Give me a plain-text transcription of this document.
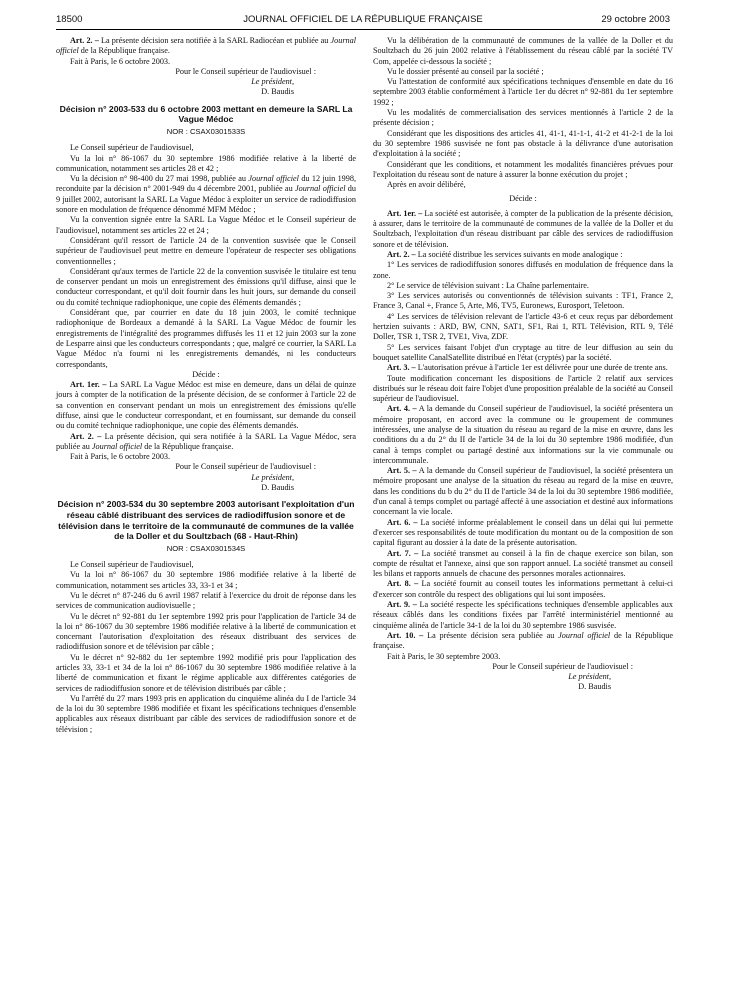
18500	JOURNAL OFFICIEL DE LA RÉPUBLIQUE FRANÇAISE	29 octobre 2003

Art. 2. – La présente décision sera notifiée à la SARL Radiocéan et publiée au Journal officiel de la République française.

Fait à Paris, le 6 octobre 2003.

Pour le Conseil supérieur de l'audiovisuel :

Le président,

D. Baudis

Décision n° 2003-533 du 6 octobre 2003 mettant en demeure la SARL La Vague Médoc

NOR : CSAX0301533S

Le Conseil supérieur de l'audiovisuel,

Vu la loi n° 86-1067 du 30 septembre 1986 modifiée relative à la liberté de communication, notamment ses articles 28 et 42 ;

Vu la décision n° 98-400 du 27 mai 1998, publiée au Journal officiel du 12 juin 1998, reconduite par la décision n° 2001-949 du 4 décembre 2001, publiée au Journal officiel du 9 juillet 2002, autorisant la SARL La Vague Médoc à exploiter un service de radiodiffusion sonore en modulation de fréquence dénommé MFM Médoc ;

Vu la convention signée entre la SARL La Vague Médoc et le Conseil supérieur de l'audiovisuel, notamment ses articles 22 et 24 ;

Considérant qu'il ressort de l'article 24 de la convention susvisée que le Conseil supérieur de l'audiovisuel peut mettre en demeure l'opérateur de respecter ses obligations conventionnelles ;

Considérant qu'aux termes de l'article 22 de la convention susvisée le titulaire est tenu de conserver pendant un mois un enregistrement des émissions qu'il diffuse, ainsi que le conducteur correspondant, et qu'il doit fournir dans les huit jours, sur demande du conseil ou du comité technique radiophonique, une copie des éléments demandés ;

Considérant que, par courrier en date du 18 juin 2003, le comité technique radiophonique de Bordeaux a demandé à la SARL La Vague Médoc de fournir les enregistrements de l'intégralité des programmes diffusés les 11 et 12 juin 2003 sur la zone de Lesparre ainsi que les conducteurs correspondants ; que, malgré ce courrier, la SARL La Vague Médoc n'a fourni ni les enregistrements demandés, ni les conducteurs correspondants,

Décide :

Art. 1er. – La SARL La Vague Médoc est mise en demeure, dans un délai de quinze jours à compter de la notification de la présente décision, de se conformer à l'article 22 de sa convention en conservant pendant un mois un enregistrement des émissions qu'elle diffuse, ainsi que le conducteur correspondant, et en fournissant, sur demande du conseil ou du comité technique radiophonique, une copie des éléments demandés.

Art. 2. – La présente décision, qui sera notifiée à la SARL La Vague Médoc, sera publiée au Journal officiel de la République française.

Fait à Paris, le 6 octobre 2003.

Pour le Conseil supérieur de l'audiovisuel :

Le président,

D. Baudis

Décision n° 2003-534 du 30 septembre 2003 autorisant l'exploitation d'un réseau câblé distribuant des services de radiodiffusion sonore et de télévision dans le territoire de la communauté de communes de la vallée de la Doller et du Soultzbach (68 - Haut-Rhin)

NOR : CSAX0301534S

Le Conseil supérieur de l'audiovisuel,

Vu la loi n° 86-1067 du 30 septembre 1986 modifiée relative à la liberté de communication, notamment ses articles 33, 33-1 et 34 ;

Vu le décret n° 87-246 du 6 avril 1987 relatif à l'exercice du droit de réponse dans les services de communication audiovisuelle ;

Vu le décret n° 92-881 du 1er septembre 1992 pris pour l'application de l'article 34 de la loi n° 86-1067 du 30 septembre 1986 modifiée relative à la liberté de communication et concernant l'autorisation d'exploitation des réseaux distribuant des services de radiodiffusion sonore et de télévision par câble ;

Vu le décret n° 92-882 du 1er septembre 1992 modifié pris pour l'application des articles 33, 33-1 et 34 de la loi n° 86-1067 du 30 septembre 1986 modifiée relative à la liberté de communication et fixant le régime applicable aux différentes catégories de services de radiodiffusion sonore et de télévision distribués par câble ;

Vu l'arrêté du 27 mars 1993 pris en application du cinquième alinéa du I de l'article 34 de la loi du 30 septembre 1986 modifiée et fixant les spécifications techniques d'ensemble applicables aux réseaux distribuant par câble des services de radiodiffusion sonore et de télévision ;

Vu la délibération de la communauté de communes de la vallée de la Doller et du Soultzbach du 26 juin 2002 relative à l'établissement du réseau câblé par la société TV Com, appelée ci-dessous la société ;

Vu le dossier présenté au conseil par la société ;

Vu l'attestation de conformité aux spécifications techniques d'ensemble en date du 16 septembre 2003 établie conformément à l'article 1er du décret n° 92-881 du 1er septembre 1992 ;

Vu les modalités de commercialisation des services mentionnés à l'article 2 de la présente décision ;

Considérant que les dispositions des articles 41, 41-1, 41-1-1, 41-2 et 41-2-1 de la loi du 30 septembre 1986 susvisée ne font pas obstacle à la délivrance d'une autorisation d'exploitation à la société ;

Considérant que les conditions, et notamment les modalités financières prévues pour l'exploitation du réseau sont de nature à assurer la bonne exécution du projet ;

Après en avoir délibéré,

Décide :

Art. 1er. – La société est autorisée, à compter de la publication de la présente décision, à assurer, dans le territoire de la communauté de communes de la vallée de la Doller et du Soultzbach, l'exploitation d'un réseau distribuant par câble des services de radiodiffusion sonore et de télévision.

Art. 2. – La société distribue les services suivants en mode analogique :

1° Les services de radiodiffusion sonores diffusés en modulation de fréquence dans la zone.

2° Le service de télévision suivant : La Chaîne parlementaire.

3° Les services autorisés ou conventionnés de télévision suivants : TF1, France 2, France 3, Canal +, France 5, Arte, M6, TV5, Euronews, Eurosport, Teletoon.

4° Les services de télévision relevant de l'article 43-6 et ceux reçus par débordement hertzien suivants : ARD, BW, CNN, SAT1, SF1, Rai 1, RTL Télévision, RTL 9, Télé Doller, TSR 1, TSR 2, TVE1, Viva, ZDF.

5° Les services faisant l'objet d'un cryptage au titre de leur diffusion au sein du bouquet satellite CanalSatellite distribué en l'état (cryptés) par la société.

Art. 3. – L'autorisation prévue à l'article 1er est délivrée pour une durée de trente ans.

Toute modification concernant les dispositions de l'article 2 relatif aux services distribués sur le réseau doit faire l'objet d'une proposition préalable de la société au Conseil supérieur de l'audiovisuel.

Art. 4. – A la demande du Conseil supérieur de l'audiovisuel, la société présentera un mémoire proposant, en accord avec la commune ou le groupement de communes intéressées, une analyse de la situation du réseau au regard de la mise en œuvre, dans les conditions du a du 2° du II de l'article 34 de la loi du 30 septembre 1986 modifiée, d'un canal à temps complet ou partagé destiné aux informations sur la vie communale ou intercommunale.

Art. 5. – A la demande du Conseil supérieur de l'audiovisuel, la société présentera un mémoire proposant une analyse de la situation du réseau au regard de la mise en œuvre, dans les conditions du b du 2° du II de l'article 34 de la loi du 30 septembre 1986 modifiée, d'un canal à temps complet ou partagé affecté à une association et destiné aux informations concernant la vie locale.

Art. 6. – La société informe préalablement le conseil dans un délai qui lui permette d'exercer ses responsabilités de toute modification du montant ou de la composition de son capital figurant au dossier à la date de la présente autorisation.

Art. 7. – La société transmet au conseil à la fin de chaque exercice son bilan, son compte de résultat et l'annexe, ainsi que son rapport annuel. La société transmet au conseil les bilans et rapports annuels de chacune des personnes morales actionnaires.

Art. 8. – La société fournit au conseil toutes les informations permettant à celui-ci d'exercer son contrôle du respect des obligations qui lui sont imposées.

Art. 9. – La société respecte les spécifications techniques d'ensemble applicables aux réseaux câblés dans les conditions fixées par l'arrêté interministériel mentionné au cinquième alinéa de l'article 34-1 de la loi du 30 septembre 1986 susvisée.

Art. 10. – La présente décision sera publiée au Journal officiel de la République française.

Fait à Paris, le 30 septembre 2003.

Pour le Conseil supérieur de l'audiovisuel :

Le président,

D. Baudis
